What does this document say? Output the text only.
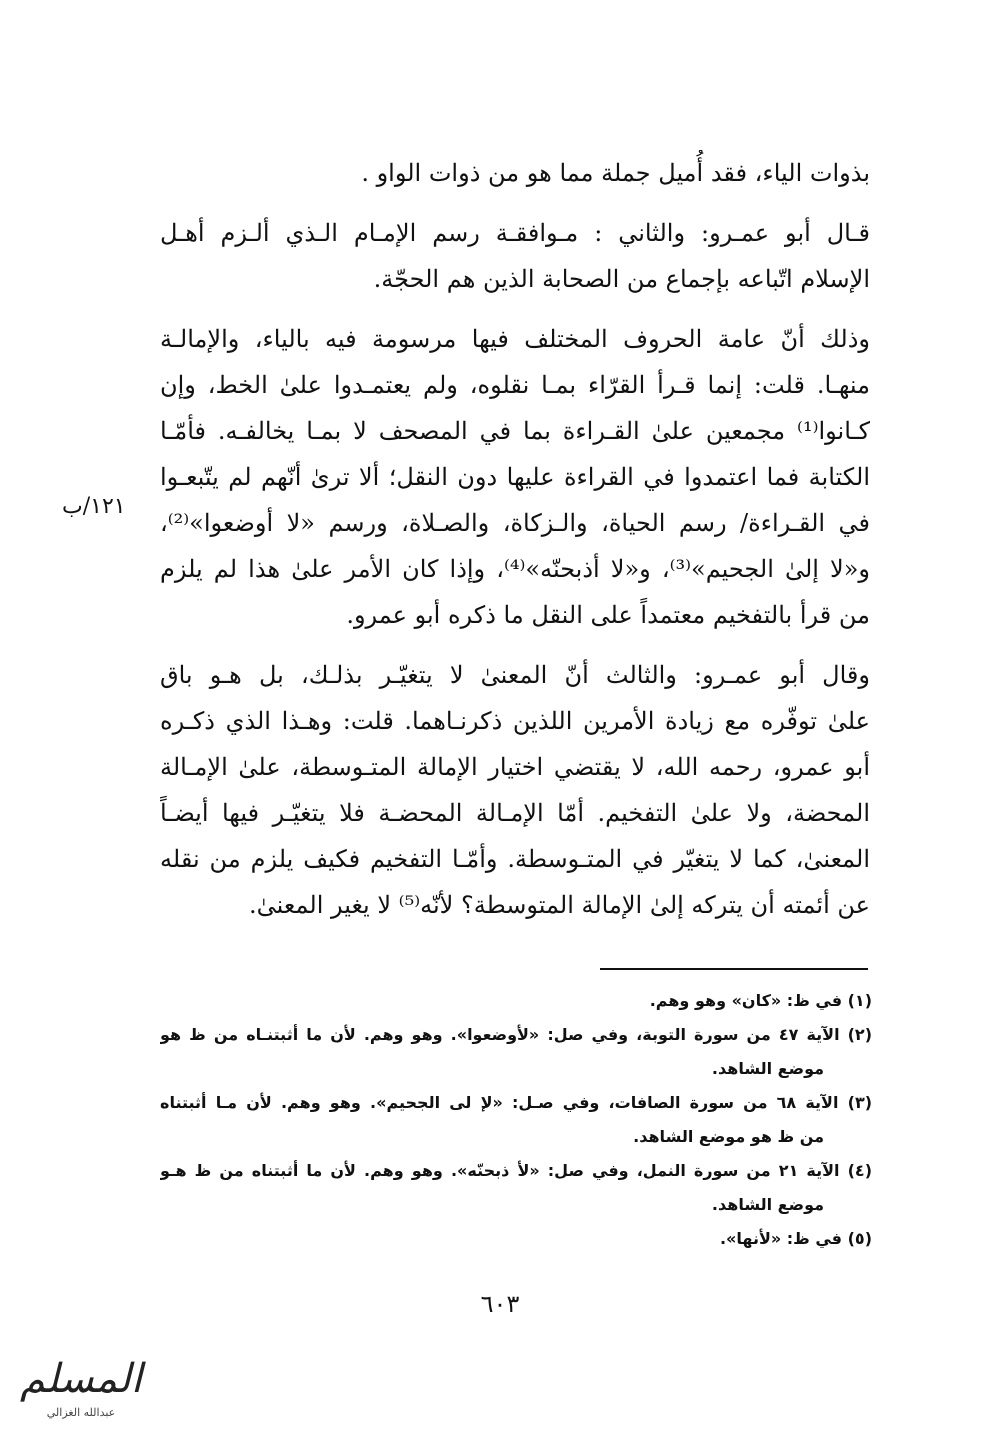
بذوات الياء، فقد أُميل جملة مما هو من ذوات الواو .
قـال أبو عمـرو: والثاني : مـوافقـة رسم الإمـام الـذي ألـزم أهـل
الإسلام اتّباعه بإجماع من الصحابة الذين هم الحجّة.
وذلك أنّ عامة الحروف المختلف فيها مرسومة فيه بالياء، والإمالـة
منهـا. قلت: إنما قـرأ القرّاء بمـا نقلوه، ولم يعتمـدوا علىٰ الخط، وإن
كـانوا⁽¹⁾ مجمعين علىٰ القـراءة بما في المصحف لا بمـا يخالفـه. فأمّـا
الكتابة فما اعتمدوا في القراءة عليها دون النقل؛ ألا ترىٰ أنّهم لم يتّبعـوا
في القـراءة/ رسم الحياة، والـزكاة، والصـلاة، ورسم «لا أوضعوا»⁽²⁾،
و«لا إلىٰ الجحيم»⁽³⁾، و«لا أذبحنّه»⁽⁴⁾، وإذا كان الأمر علىٰ هذا لم يلزم
من قرأ بالتفخيم معتمداً على النقل ما ذكره أبو عمرو.
وقال أبو عمـرو: والثالث أنّ المعنىٰ لا يتغيّـر بذلـك، بل هـو باق
علىٰ توفّره مع زيادة الأمرين اللذين ذكرنـاهما. قلت: وهـذا الذي ذكـره
أبو عمرو، رحمه الله، لا يقتضي اختيار الإمالة المتـوسطة، علىٰ الإمـالة
المحضة، ولا علىٰ التفخيم. أمّا الإمـالة المحضـة فلا يتغيّـر فيها أيضـاً
المعنىٰ، كما لا يتغيّر في المتـوسطة. وأمّـا التفخيم فكيف يلزم من نقله
عن أئمته أن يتركه إلىٰ الإمالة المتوسطة؟ لأنّه⁽⁵⁾ لا يغير المعنىٰ.
١٢١/ب
(١) في ظ: «كان» وهو وهم.
(٢) الآية ٤٧ من سورة التوبة، وفي صل: «لأوضعوا». وهو وهم. لأن ما أثبتنـاه من ظ هو
موضع الشاهد.
(٣) الآية ٦٨ من سورة الصافات، وفي صـل: «لإ لى الجحيم». وهو وهم. لأن مـا أثبتناه
من ظ هو موضع الشاهد.
(٤) الآية ٢١ من سورة النمل، وفي صل: «لأ ذبحنّه». وهو وهم. لأن ما أثبتناه من ظ هـو
موضع الشاهد.
(٥) في ظ: «لأنها».
٦٠٣
المسلم
عبدالله الغزالي
